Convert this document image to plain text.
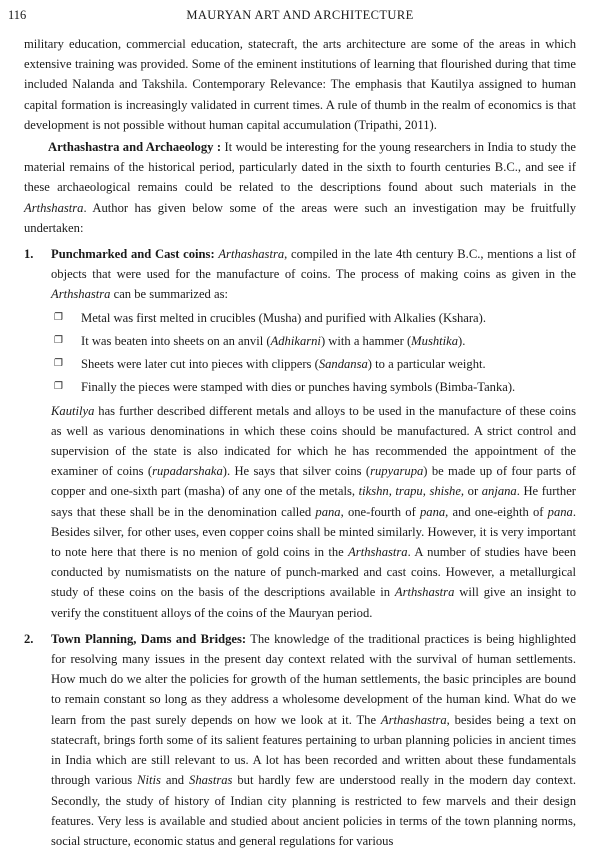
116	MAURYAN ART AND ARCHITECTURE

military education, commercial education, statecraft, the arts architecture are some of the areas in which extensive training was provided. Some of the eminent institutions of learning that flourished during that time included Nalanda and Takshila. Contemporary Relevance: The emphasis that Kautilya assigned to human capital formation is increasingly validated in current times. A rule of thumb in the realm of economics is that development is not possible without human capital accumulation (Tripathi, 2011).

Arthashastra and Archaeology : It would be interesting for the young researchers in India to study the material remains of the historical period, particularly dated in the sixth to fourth centuries B.C., and see if these archaeological remains could be related to the descriptions found about such materials in the Arthshastra. Author has given below some of the areas were such an investigation may be fruitfully undertaken:

1.	Punchmarked and Cast coins: Arthashastra, compiled in the late 4th century B.C., mentions a list of objects that were used for the manufacture of coins. The process of making coins as given in the Arthshastra can be summarized as:

❐	Metal was first melted in crucibles (Musha) and purified with Alkalies (Kshara).
❐	It was beaten into sheets on an anvil (Adhikarni) with a hammer (Mushtika).
❐	Sheets were later cut into pieces with clippers (Sandansa) to a particular weight.
❐	Finally the pieces were stamped with dies or punches having symbols (Bimba-Tanka).

Kautilya has further described different metals and alloys to be used in the manufacture of these coins as well as various denominations in which these coins should be manufactured. A strict control and supervision of the state is also indicated for which he has recommended the appointment of the examiner of coins (rupadarshaka). He says that silver coins (rupyarupa) be made up of four parts of copper and one-sixth part (masha) of any one of the metals, tikshn, trapu, shishe, or anjana. He further says that these shall be in the denomination called pana, one-fourth of pana, and one-eighth of pana. Besides silver, for other uses, even copper coins shall be minted similarly. However, it is very important to note here that there is no menion of gold coins in the Arthshastra. A number of studies have been conducted by numismatists on the nature of punch-marked and cast coins. However, a metallurgical study of these coins on the basis of the descriptions available in Arthshastra will give an insight to verify the constituent alloys of the coins of the Mauryan period.

2.	Town Planning, Dams and Bridges: The knowledge of the traditional practices is being highlighted for resolving many issues in the present day context related with the survival of human settlements. How much do we alter the policies for growth of the human settlements, the basic principles are bound to remain constant so long as they address a wholesome development of the human kind. What do we learn from the past surely depends on how we look at it. The Arthashastra, besides being a text on statecraft, brings forth some of its salient features pertaining to urban planning policies in ancient times in India which are still relevant to us. A lot has been recorded and written about these fundamentals through various Nitis and Shastras but hardly few are understood really in the modern day context. Secondly, the study of history of Indian city planning is restricted to few marvels and their design features. Very less is available and studied about ancient policies in terms of the town planning norms, social structure, economic status and general regulations for various
